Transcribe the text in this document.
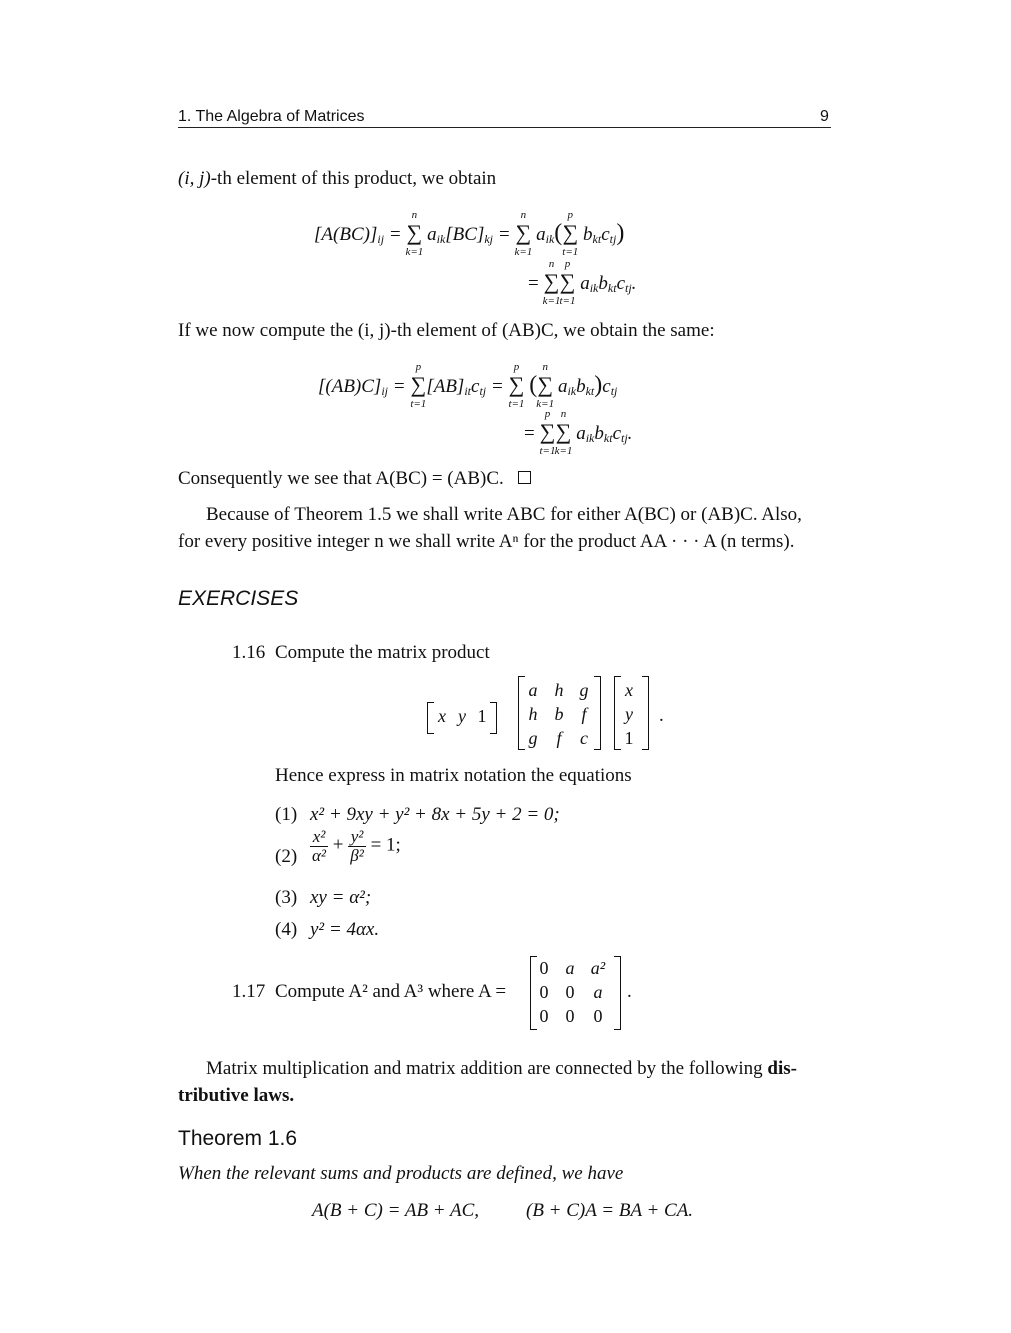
1. The Algebra of Matrices	9
(i, j)-th element of this product, we obtain
$[A(BC)]_{ij}$ =
n
∑
k=1
$a_{ik}[BC]_{kj}$ =
n
∑
k=1
$a_{ik}$(
p
∑
t=1
$b_{kt}c_{tj}$)
=
n
∑
k=1
p
∑
t=1
$a_{ik}b_{kt}c_{tj}$.
If we now compute the (i, j)-th element of (AB)C, we obtain the same:
$[(AB)C]_{ij}$ =
p
∑
t=1
$[AB]_{it}c_{tj}$ =
p
∑
t=1
(
n
∑
k=1
$a_{ik}b_{kt})c_{tj}$
=
p
∑
t=1
n
∑
k=1
$a_{ik}b_{kt}c_{tj}$.
Consequently we see that A(BC) = (AB)C.
Because of Theorem 1.5 we shall write ABC for either A(BC) or (AB)C. Also,
for every positive integer n we shall write Aⁿ for the product AA · · · A (n terms).
EXERCISES
1.16 Compute the matrix product
x y 1
a h g
h b f
g	f	c
x
y
1
.
Hence express in matrix notation the equations
(1) x² + 9xy + y² + 8x + 5y + 2 = 0;
$(2) \frac{\text{x²}}{\text{α²}} + \frac{\text{y²}}{\text{β²}} = 1$;
(3) xy = α²;
(4) y² = 4αx.
1.17 Compute A² and A³ where A =
0 a a²
0 0	a
0 0	0
.
Matrix multiplication and matrix addition are connected by the following dis-
tributive laws.
Theorem 1.6
When the relevant sums and products are defined, we have
A(B + C) = AB + AC, (B + C)A = BA + CA.
